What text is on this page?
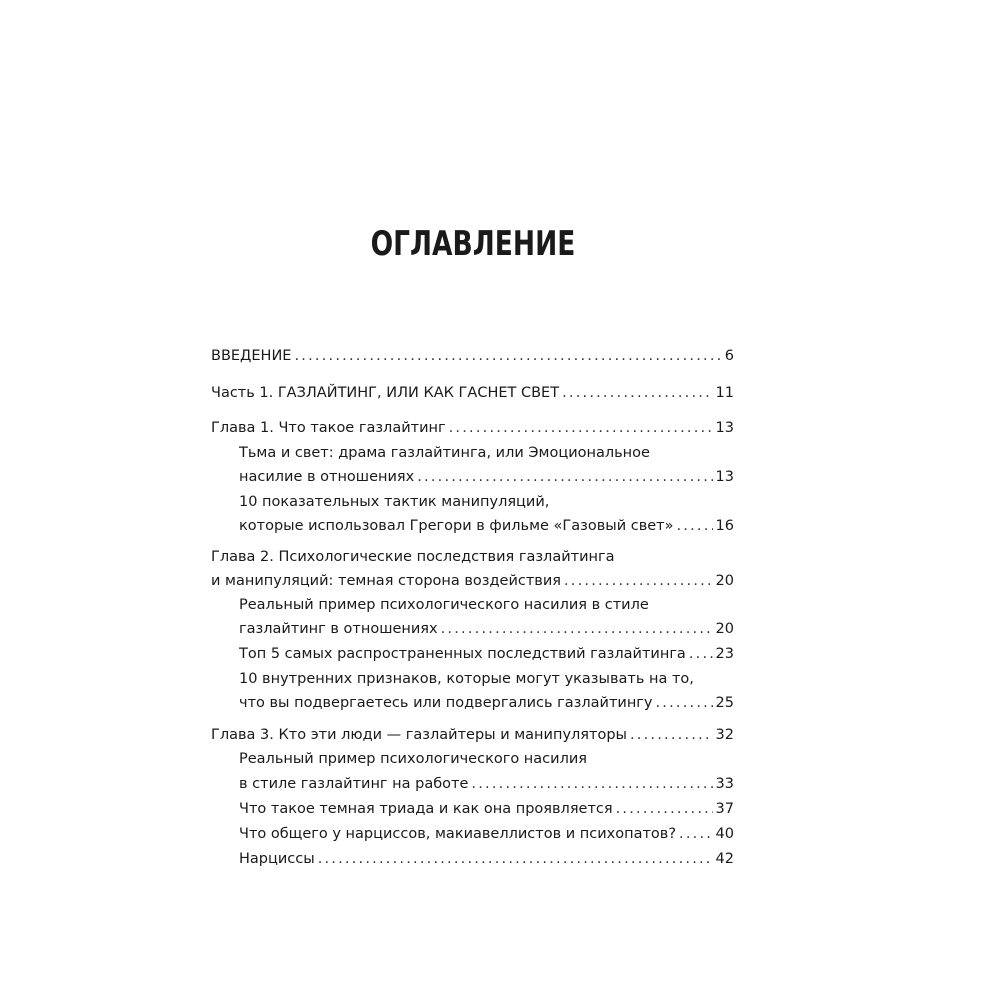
ОГЛАВЛЕНИЕ
ВВЕДЕНИЕ .....	6
Часть 1. ГАЗЛАЙТИНГ, ИЛИ КАК ГАСНЕТ СВЕТ .....	11
Глава 1. Что такое газлайтинг .....	13
Тьма и свет: драма газлайтинга, или Эмоциональное
насилие в отношениях .....	13
10 показательных тактик манипуляций,
которые использовал Грегори в фильме «Газовый свет» .....	16
Глава 2. Психологические последствия газлайтинга
и манипуляций: темная сторона воздействия .....	20
Реальный пример психологического насилия в стиле
газлайтинг в отношениях .....	20
Топ 5 самых распространенных последствий газлайтинга ..... 23
10 внутренних признаков, которые могут указывать на то,
что вы подвергаетесь или подвергались газлайтингу .....	25
Глава 3. Кто эти люди — газлайтеры и манипуляторы .....	32
Реальный пример психологического насилия
в стиле газлайтинг на работе .....	33
Что такое темная триада и как она проявляется .....	37
Что общего у нарциссов, макиавеллистов и психопатов? .....	40
Нарциссы .....	42
